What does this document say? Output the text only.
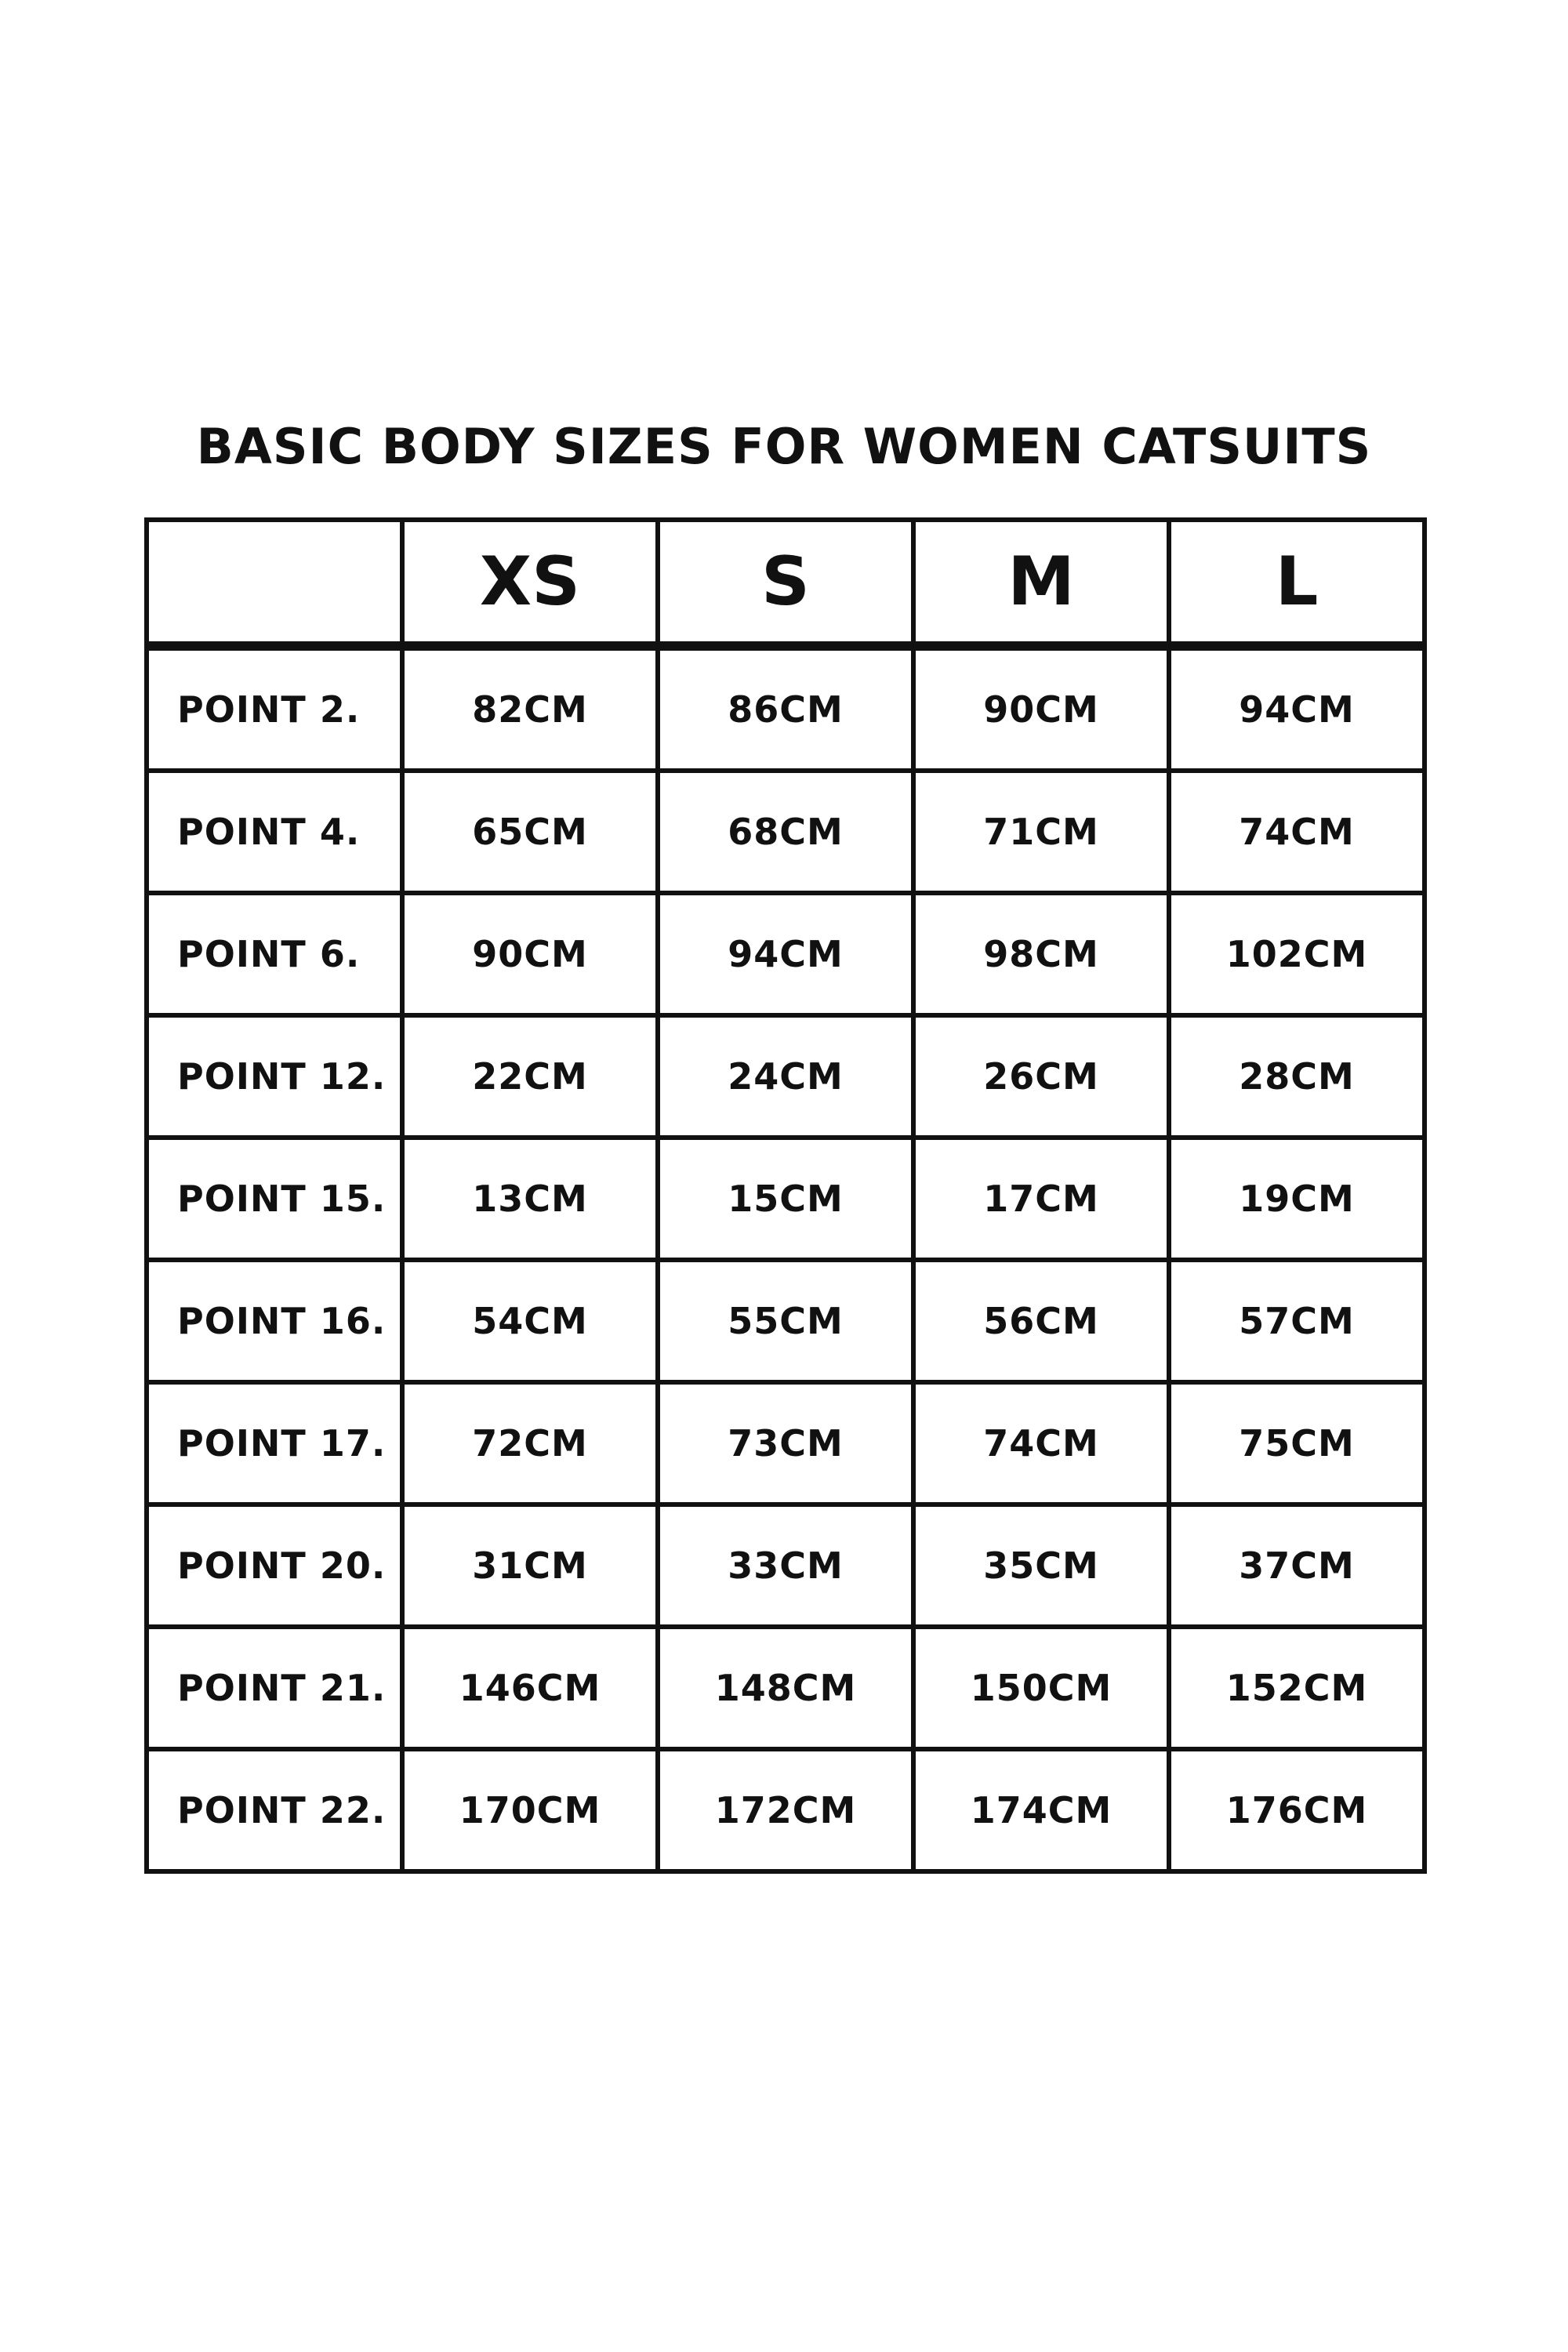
BASIC BODY SIZES FOR WOMEN CATSUITS
	XS	S	M	L
POINT 2.	82CM	86CM	90CM	94CM
POINT 4.	65CM	68CM	71CM	74CM
POINT 6.	90CM	94CM	98CM	102CM
POINT 12.	22CM	24CM	26CM	28CM
POINT 15.	13CM	15CM	17CM	19CM
POINT 16.	54CM	55CM	56CM	57CM
POINT 17.	72CM	73CM	74CM	75CM
POINT 20.	31CM	33CM	35CM	37CM
POINT 21.	146CM	148CM	150CM	152CM
POINT 22.	170CM	172CM	174CM	176CM
